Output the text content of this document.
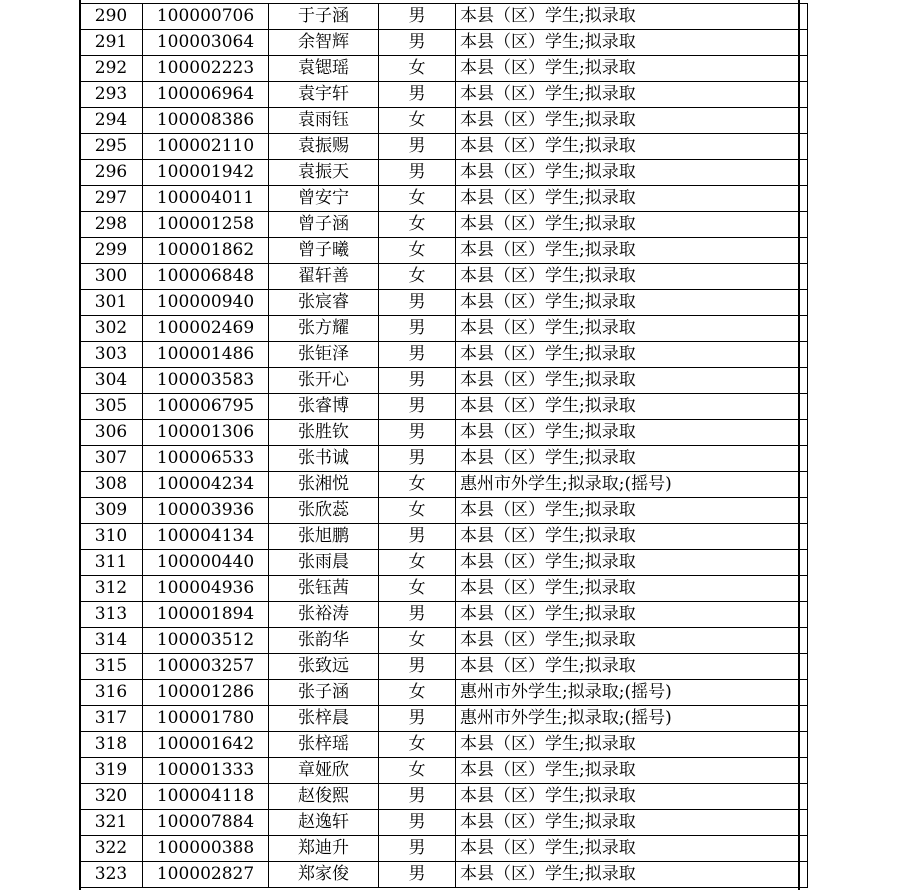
290	100000706	于子涵	男	本县（区）学生;拟录取
291	100003064	余智辉	男	本县（区）学生;拟录取
292	100002223	袁锶瑶	女	本县（区）学生;拟录取
293	100006964	袁宇轩	男	本县（区）学生;拟录取
294	100008386	袁雨钰	女	本县（区）学生;拟录取
295	100002110	袁振赐	男	本县（区）学生;拟录取
296	100001942	袁振天	男	本县（区）学生;拟录取
297	100004011	曾安宁	女	本县（区）学生;拟录取
298	100001258	曾子涵	女	本县（区）学生;拟录取
299	100001862	曾子曦	女	本县（区）学生;拟录取
300	100006848	翟轩善	女	本县（区）学生;拟录取
301	100000940	张宸睿	男	本县（区）学生;拟录取
302	100002469	张方耀	男	本县（区）学生;拟录取
303	100001486	张钜泽	男	本县（区）学生;拟录取
304	100003583	张开心	男	本县（区）学生;拟录取
305	100006795	张睿博	男	本县（区）学生;拟录取
306	100001306	张胜钦	男	本县（区）学生;拟录取
307	100006533	张书诚	男	本县（区）学生;拟录取
308	100004234	张湘悦	女	惠州市外学生;拟录取;(摇号)
309	100003936	张欣蕊	女	本县（区）学生;拟录取
310	100004134	张旭鹏	男	本县（区）学生;拟录取
311	100000440	张雨晨	女	本县（区）学生;拟录取
312	100004936	张钰茜	女	本县（区）学生;拟录取
313	100001894	张裕涛	男	本县（区）学生;拟录取
314	100003512	张韵华	女	本县（区）学生;拟录取
315	100003257	张致远	男	本县（区）学生;拟录取
316	100001286	张子涵	女	惠州市外学生;拟录取;(摇号)
317	100001780	张梓晨	男	惠州市外学生;拟录取;(摇号)
318	100001642	张梓瑶	女	本县（区）学生;拟录取
319	100001333	章娅欣	女	本县（区）学生;拟录取
320	100004118	赵俊熙	男	本县（区）学生;拟录取
321	100007884	赵逸轩	男	本县（区）学生;拟录取
322	100000388	郑迪升	男	本县（区）学生;拟录取
323	100002827	郑家俊	男	本县（区）学生;拟录取
